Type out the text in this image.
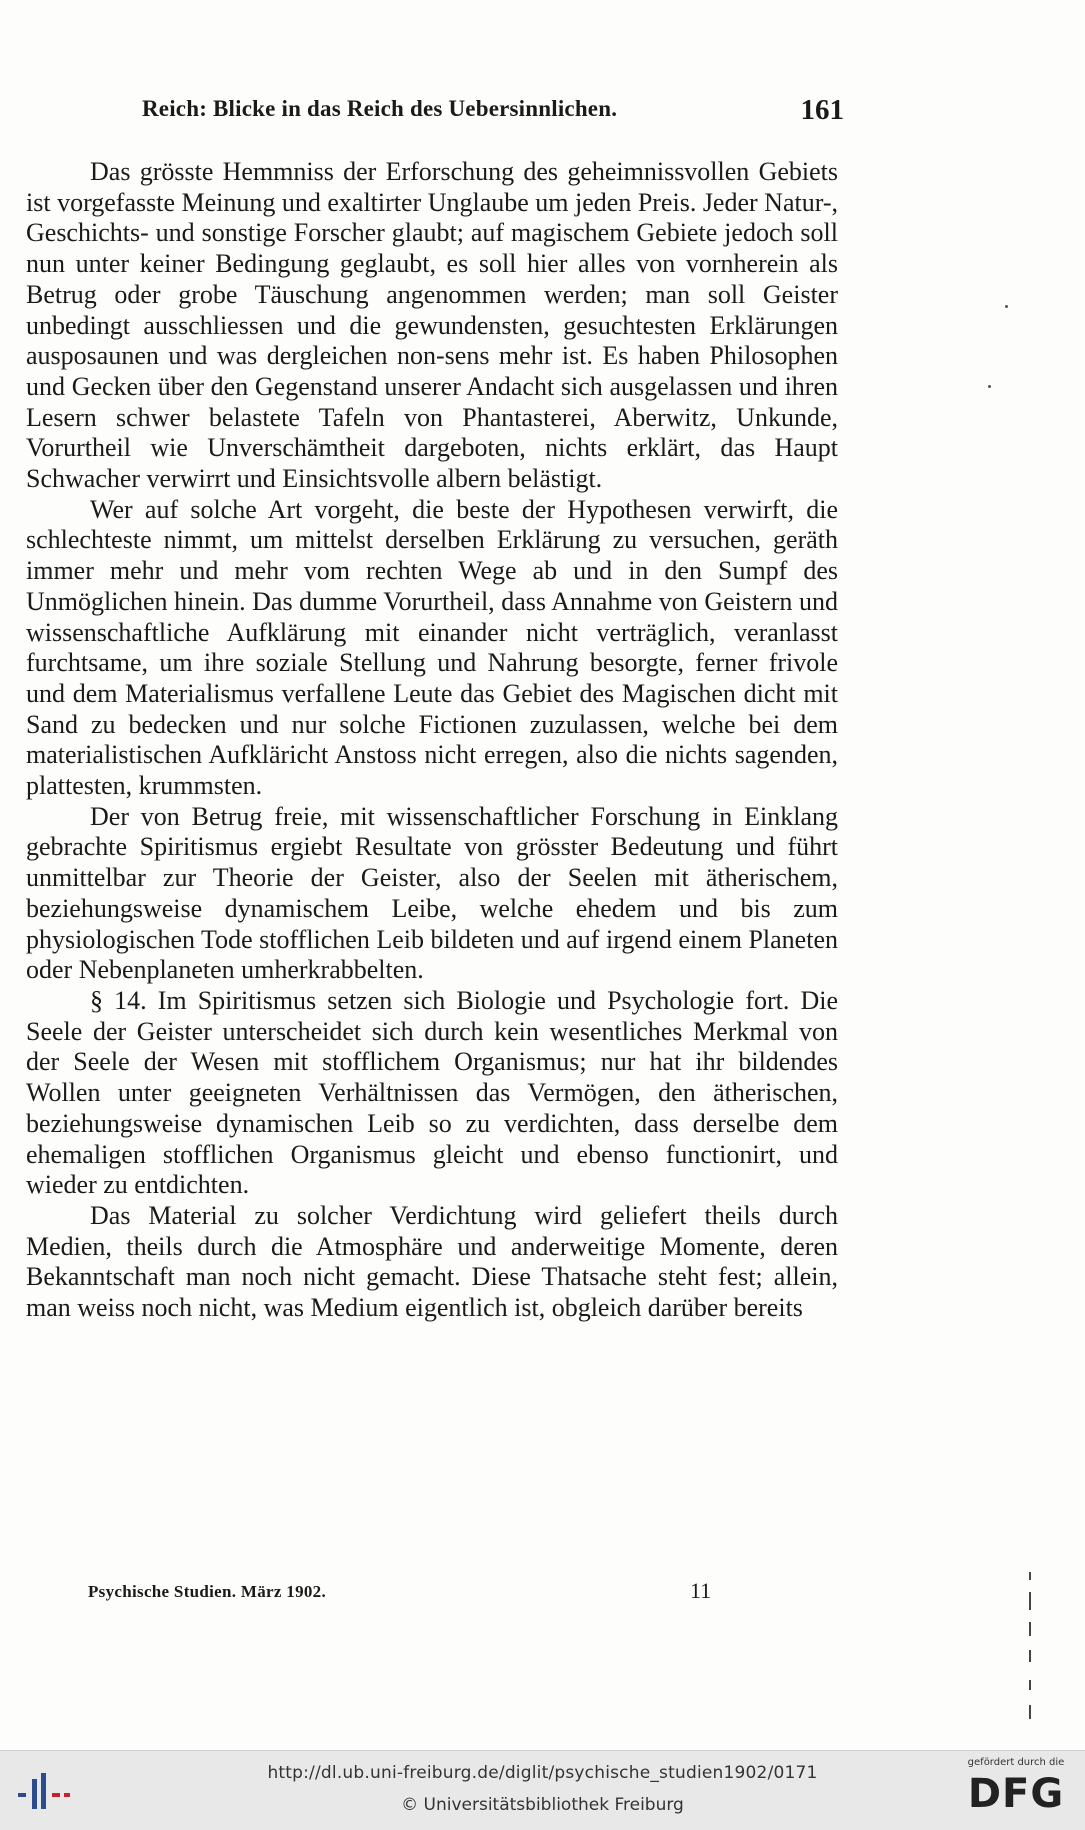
Reich: Blicke in das Reich des Uebersinnlichen.	161

Das grösste Hemmniss der Erforschung des geheimnissvollen Gebiets ist vorgefasste Meinung und exaltirter Unglaube um jeden Preis. Jeder Natur-, Geschichts- und sonstige Forscher glaubt; auf magischem Gebiete jedoch soll nun unter keiner Bedingung geglaubt, es soll hier alles von vornherein als Betrug oder grobe Täuschung angenommen werden; man soll Geister unbedingt ausschliessen und die gewundensten, gesuchtesten Erklärungen ausposaunen und was dergleichen non-sens mehr ist. Es haben Philosophen und Gecken über den Gegenstand unserer Andacht sich ausgelassen und ihren Lesern schwer belastete Tafeln von Phantasterei, Aberwitz, Unkunde, Vorurtheil wie Unverschämtheit dargeboten, nichts erklärt, das Haupt Schwacher verwirrt und Einsichtsvolle albern belästigt.

Wer auf solche Art vorgeht, die beste der Hypothesen verwirft, die schlechteste nimmt, um mittelst derselben Erklärung zu versuchen, geräth immer mehr und mehr vom rechten Wege ab und in den Sumpf des Unmöglichen hinein. Das dumme Vorurtheil, dass Annahme von Geistern und wissenschaftliche Aufklärung mit einander nicht verträglich, veranlasst furchtsame, um ihre soziale Stellung und Nahrung besorgte, ferner frivole und dem Materialismus verfallene Leute das Gebiet des Magischen dicht mit Sand zu bedecken und nur solche Fictionen zuzulassen, welche bei dem materialistischen Aufkläricht Anstoss nicht erregen, also die nichts sagenden, plattesten, krummsten.

Der von Betrug freie, mit wissenschaftlicher Forschung in Einklang gebrachte Spiritismus ergiebt Resultate von grösster Bedeutung und führt unmittelbar zur Theorie der Geister, also der Seelen mit ätherischem, beziehungsweise dynamischem Leibe, welche ehedem und bis zum physiologischen Tode stofflichen Leib bildeten und auf irgend einem Planeten oder Nebenplaneten umherkrabbelten.

§ 14. Im Spiritismus setzen sich Biologie und Psychologie fort. Die Seele der Geister unterscheidet sich durch kein wesentliches Merkmal von der Seele der Wesen mit stofflichem Organismus; nur hat ihr bildendes Wollen unter geeigneten Verhältnissen das Vermögen, den ätherischen, beziehungsweise dynamischen Leib so zu verdichten, dass derselbe dem ehemaligen stofflichen Organismus gleicht und ebenso functionirt, und wieder zu entdichten.

Das Material zu solcher Verdichtung wird geliefert theils durch Medien, theils durch die Atmosphäre und anderweitige Momente, deren Bekanntschaft man noch nicht gemacht. Diese Thatsache steht fest; allein, man weiss noch nicht, was Medium eigentlich ist, obgleich darüber bereits

Psychische Studien. März 1902.	11
http://dl.ub.uni-freiburg.de/diglit/psychische_studien1902/0171
© Universitätsbibliothek Freiburg
gefördert durch die
DFG
